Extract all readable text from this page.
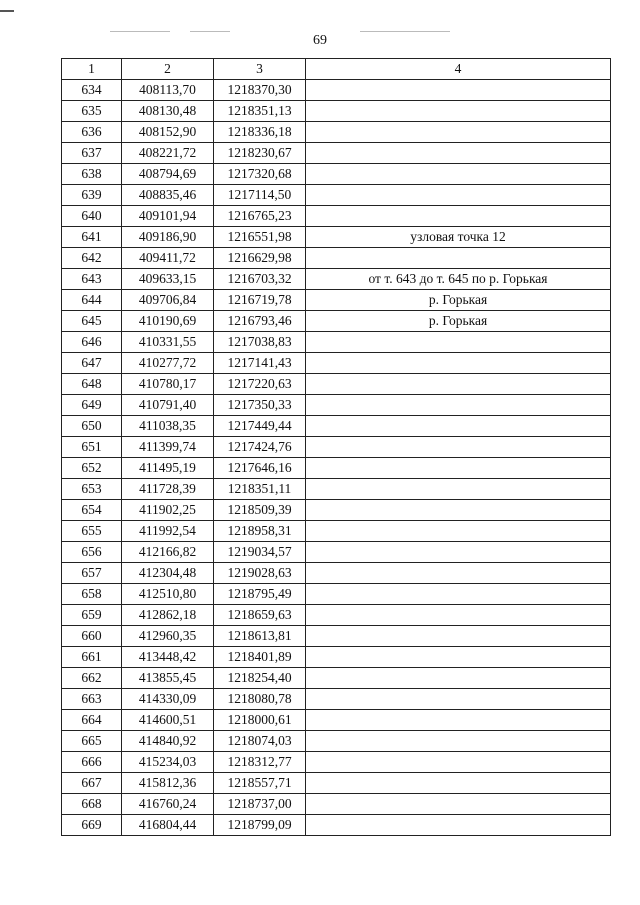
69
1	2	3	4
634	408113,70	1218370,30	
635	408130,48	1218351,13	
636	408152,90	1218336,18	
637	408221,72	1218230,67	
638	408794,69	1217320,68	
639	408835,46	1217114,50	
640	409101,94	1216765,23	
641	409186,90	1216551,98	узловая точка 12
642	409411,72	1216629,98	
643	409633,15	1216703,32	от т. 643 до т. 645 по р. Горькая
644	409706,84	1216719,78	р. Горькая
645	410190,69	1216793,46	р. Горькая
646	410331,55	1217038,83	
647	410277,72	1217141,43	
648	410780,17	1217220,63	
649	410791,40	1217350,33	
650	411038,35	1217449,44	
651	411399,74	1217424,76	
652	411495,19	1217646,16	
653	411728,39	1218351,11	
654	411902,25	1218509,39	
655	411992,54	1218958,31	
656	412166,82	1219034,57	
657	412304,48	1219028,63	
658	412510,80	1218795,49	
659	412862,18	1218659,63	
660	412960,35	1218613,81	
661	413448,42	1218401,89	
662	413855,45	1218254,40	
663	414330,09	1218080,78	
664	414600,51	1218000,61	
665	414840,92	1218074,03	
666	415234,03	1218312,77	
667	415812,36	1218557,71	
668	416760,24	1218737,00	
669	416804,44	1218799,09	
